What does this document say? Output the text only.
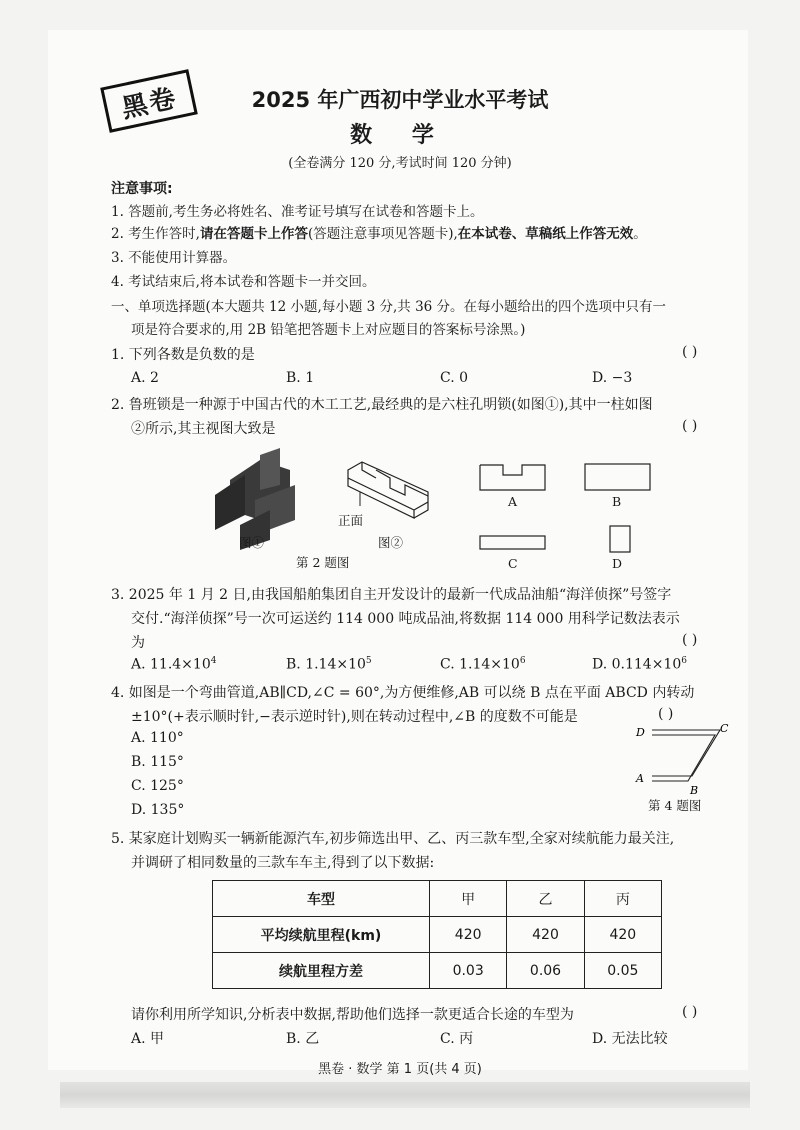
黑卷	2025 年广西初中学业水平考试
数 学
(全卷满分 120 分,考试时间 120 分钟)
注意事项:
1. 答题前,考生务必将姓名、准考证号填写在试卷和答题卡上。
2. 考生作答时,请在答题卡上作答(答题注意事项见答题卡),在本试卷、草稿纸上作答无效。
3. 不能使用计算器。
4. 考试结束后,将本试卷和答题卡一并交回。
一、单项选择题(本大题共 12 小题,每小题 3 分,共 36 分。在每小题给出的四个选项中只有一
项是符合要求的,用 2B 铅笔把答题卡上对应题目的答案标号涂黑。)
1. 下列各数是负数的是	( )
A. 2	B. 1	C. 0	D. −3
2. 鲁班锁是一种源于中国古代的木工工艺,最经典的是六柱孔明锁(如图①),其中一柱如图
②所示,其主视图大致是	( )
正面
图①	图②
第 2 题图
A	B
C	D
3. 2025 年 1 月 2 日,由我国船舶集团自主开发设计的最新一代成品油船“海洋侦探”号签字
交付.“海洋侦探”号一次可运送约 114 000 吨成品油,将数据 114 000 用科学记数法表示
为	( )
A. $11.4\times 10^4$	B. $1.14\times 10^5$	C. $1.14\times 10^6$	D. $0.114\times 10^6$
4. 如图是一个弯曲管道,AB∥CD,∠C = 60°,为方便维修,AB 可以绕 B 点在平面 ABCD 内转动
±10°(+表示顺时针,−表示逆时针),则在转动过程中,∠B 的度数不可能是	( )
A. 110°
B. 115°
C. 125°
D. 135°
D	C
A
B
第 4 题图
5. 某家庭计划购买一辆新能源汽车,初步筛选出甲、乙、丙三款车型,全家对续航能力最关注,
并调研了相同数量的三款车车主,得到了以下数据:
车型	甲	乙	丙
平均续航里程(km)	420	420	420
续航里程方差	0.03	0.06	0.05
请你利用所学知识,分析表中数据,帮助他们选择一款更适合长途的车型为	( )
A. 甲	B. 乙	C. 丙	D. 无法比较
黑卷 · 数学 第 1 页(共 4 页)
